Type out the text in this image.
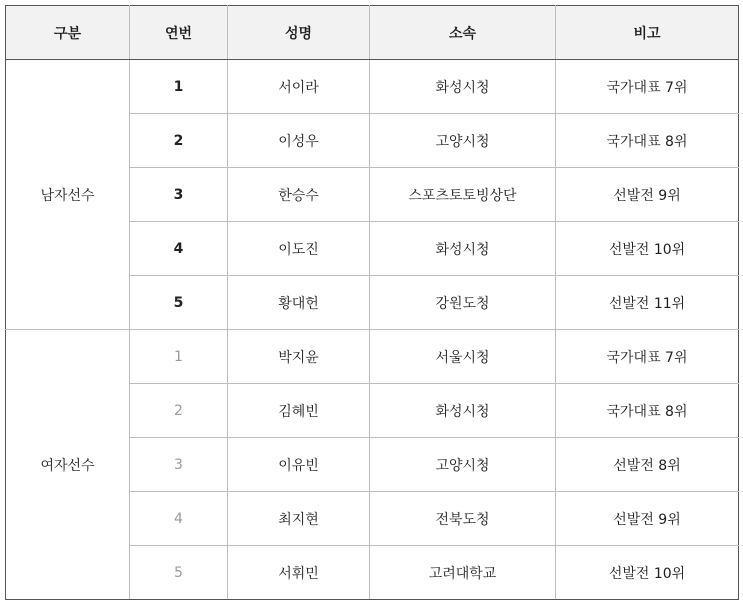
구분	연번	성명	소속	비고
남자선수	1	서이라	화성시청	국가대표 7위
	2	이성우	고양시청	국가대표 8위
	3	한승수	스포츠토토빙상단	선발전 9위
	4	이도진	화성시청	선발전 10위
	5	황대헌	강원도청	선발전 11위
여자선수	1	박지윤	서울시청	국가대표 7위
	2	김혜빈	화성시청	국가대표 8위
	3	이유빈	고양시청	선발전 8위
	4	최지현	전북도청	선발전 9위
	5	서휘민	고려대학교	선발전 10위
